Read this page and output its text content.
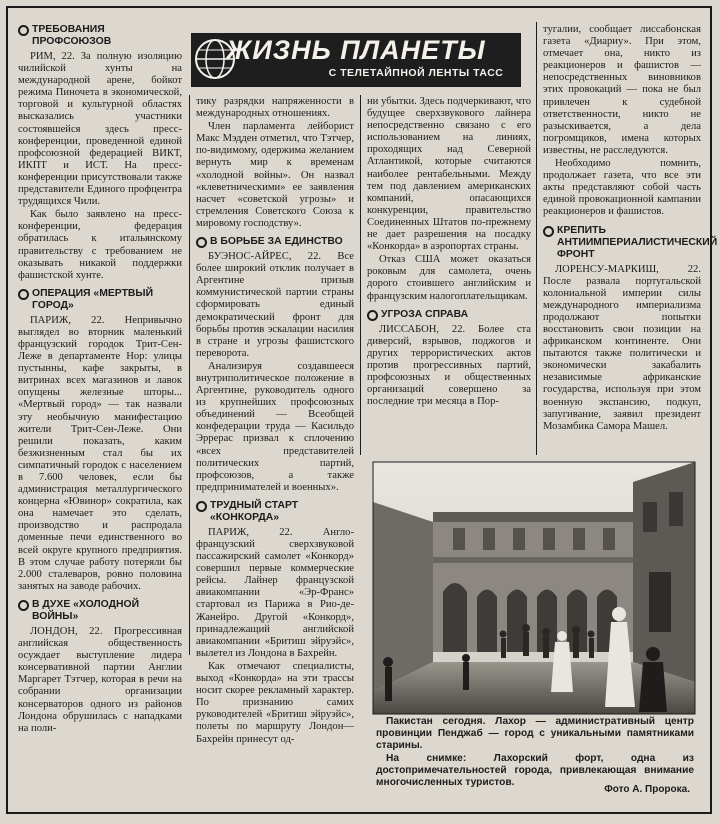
ЖИЗНЬ ПЛАНЕТЫ
С ТЕЛЕТАЙПНОЙ ЛЕНТЫ ТАСС
ТРЕБОВАНИЯ ПРОФСОЮЗОВ

РИМ, 22. За полную изоляцию чилийской хунты на международной арене, бойкот режима Пиночета в экономической, торговой и культурной областях высказались участники состоявшейся здесь пресс-конференции, проведенной единой профсоюзной федерацией ВИКТ, ИКПТ и ИСТ. На пресс-конференции присутствовали также представители Единого профцентра трудящихся Чили.

Как было заявлено на пресс-конференции, федерация обратилась к итальянскому правительству с требованием не оказывать никакой поддержки фашистской хунте.

ОПЕРАЦИЯ «МЕРТВЫЙ ГОРОД»

ПАРИЖ, 22. Непривычно выглядел во вторник маленький французский городок Трит-Сен-Леже в департаменте Нор: улицы пустынны, кафе закрыты, в витринах всех магазинов и лавок опущены железные шторы... «Мертвый город» — так назвали эту необычную манифестацию жители Трит-Сен-Леже. Они решили показать, каким безжизненным стал бы их симпатичный городок с населением в 7.600 человек, если бы администрация металлургического концерна «Ювинор» сократила, как она намечает это сделать, производство и распродала доменные печи единственного во всей округе крупного предприятия. В этом случае работу потеряли бы 2.000 сталеваров, ровно половина занятых на заводе рабочих.

В ДУХЕ «ХОЛОДНОЙ ВОЙНЫ»

ЛОНДОН, 22. Прогрессивная английская общественность осуждает выступление лидера консервативной партии Англии Маргарет Тэтчер, которая в речи на собрании организации консерваторов одного из районов Лондона обрушилась с нападками на поли-

тику разрядки напряженности в международных отношениях.

Член парламента лейборист Макс Мэдден отметил, что Тэтчер, по-видимому, одержима желанием вернуть мир к временам «холодной войны». Он назвал «клеветническими» ее заявления насчет «советской угрозы» и стремления Советского Союза к мировому господству».

В БОРЬБЕ ЗА ЕДИНСТВО

БУЭНОС-АЙРЕС, 22. Все более широкий отклик получает в Аргентине призыв коммунистической партии страны сформировать единый демократический фронт для борьбы против эскалации насилия в стране и угрозы фашистского переворота.

Анализируя создавшееся внутриполитическое положение в Аргентине, руководитель одного из крупнейших профсоюзных объединений — Всеобщей конфедерации труда — Касильдо Эррерас призвал к сплочению «всех представителей политических партий, профсоюзов, а также предпринимателей и военных».

ТРУДНЫЙ СТАРТ «КОНКОРДА»

ПАРИЖ, 22. Англо-французский сверхзвуковой пассажирский самолет «Конкорд» совершил первые коммерческие рейсы. Лайнер французской авиакомпании «Эр-Франс» стартовал из Парижа в Рио-де-Жанейро. Другой «Конкорд», принадлежащий английской авиакомпании «Бритиш эйруэйс», вылетел из Лондона в Бахрейн.

Как отмечают специалисты, выход «Конкорда» на эти трассы носит скорее рекламный характер. По признанию самих руководителей «Бритиш эйруэйс», полеты по маршруту Лондон—Бахрейн принесут од-

ни убытки. Здесь подчеркивают, что будущее сверхзвукового лайнера непосредственно связано с его использованием на линиях, проходящих над Северной Атлантикой, которые считаются наиболее рентабельными. Между тем под давлением американских компаний, опасающихся конкуренции, правительство Соединенных Штатов по-прежнему не дает разрешения на посадку «Конкорда» в аэропортах страны.

Отказ США может оказаться роковым для самолета, очень дорого стоившего английским и французским налогоплательщикам.

УГРОЗА СПРАВА

ЛИССАБОН, 22. Более ста диверсий, взрывов, поджогов и других террористических актов против прогрессивных партий, профсоюзных и общественных организаций совершено за последние три месяца в Пор-

тугалии, сообщает лиссабонская газета «Диариу». При этом, отмечает она, никто из реакционеров и фашистов — непосредственных виновников этих провокаций — пока не был привлечен к судебной ответственности, никто не разыскивается, а дела погромщиков, имена которых известны, не расследуются.

Необходимо помнить, продолжает газета, что все эти акты представляют собой часть единой провокационной кампании реакционеров и фашистов.

КРЕПИТЬ АНТИИМПЕРИАЛИСТИЧЕСКИЙ ФРОНТ

ЛОРЕНСУ-МАРКИШ, 22. После развала португальской колониальной империи силы международного империализма продолжают попытки восстановить свои позиции на африканском континенте. Они пытаются также политически и экономически закабалить независимые африканские государства, используя при этом военную экспансию, подкуп, запугивание, заявил президент Мозамбика Самора Машел.

Пакистан сегодня. Лахор — административный центр провинции Пенджаб — город с уникальными памятниками старины.

На снимке: Лахорский форт, одна из достопримечательностей города, привлекающая внимание многочисленных туристов.

Фото А. Пророка.
